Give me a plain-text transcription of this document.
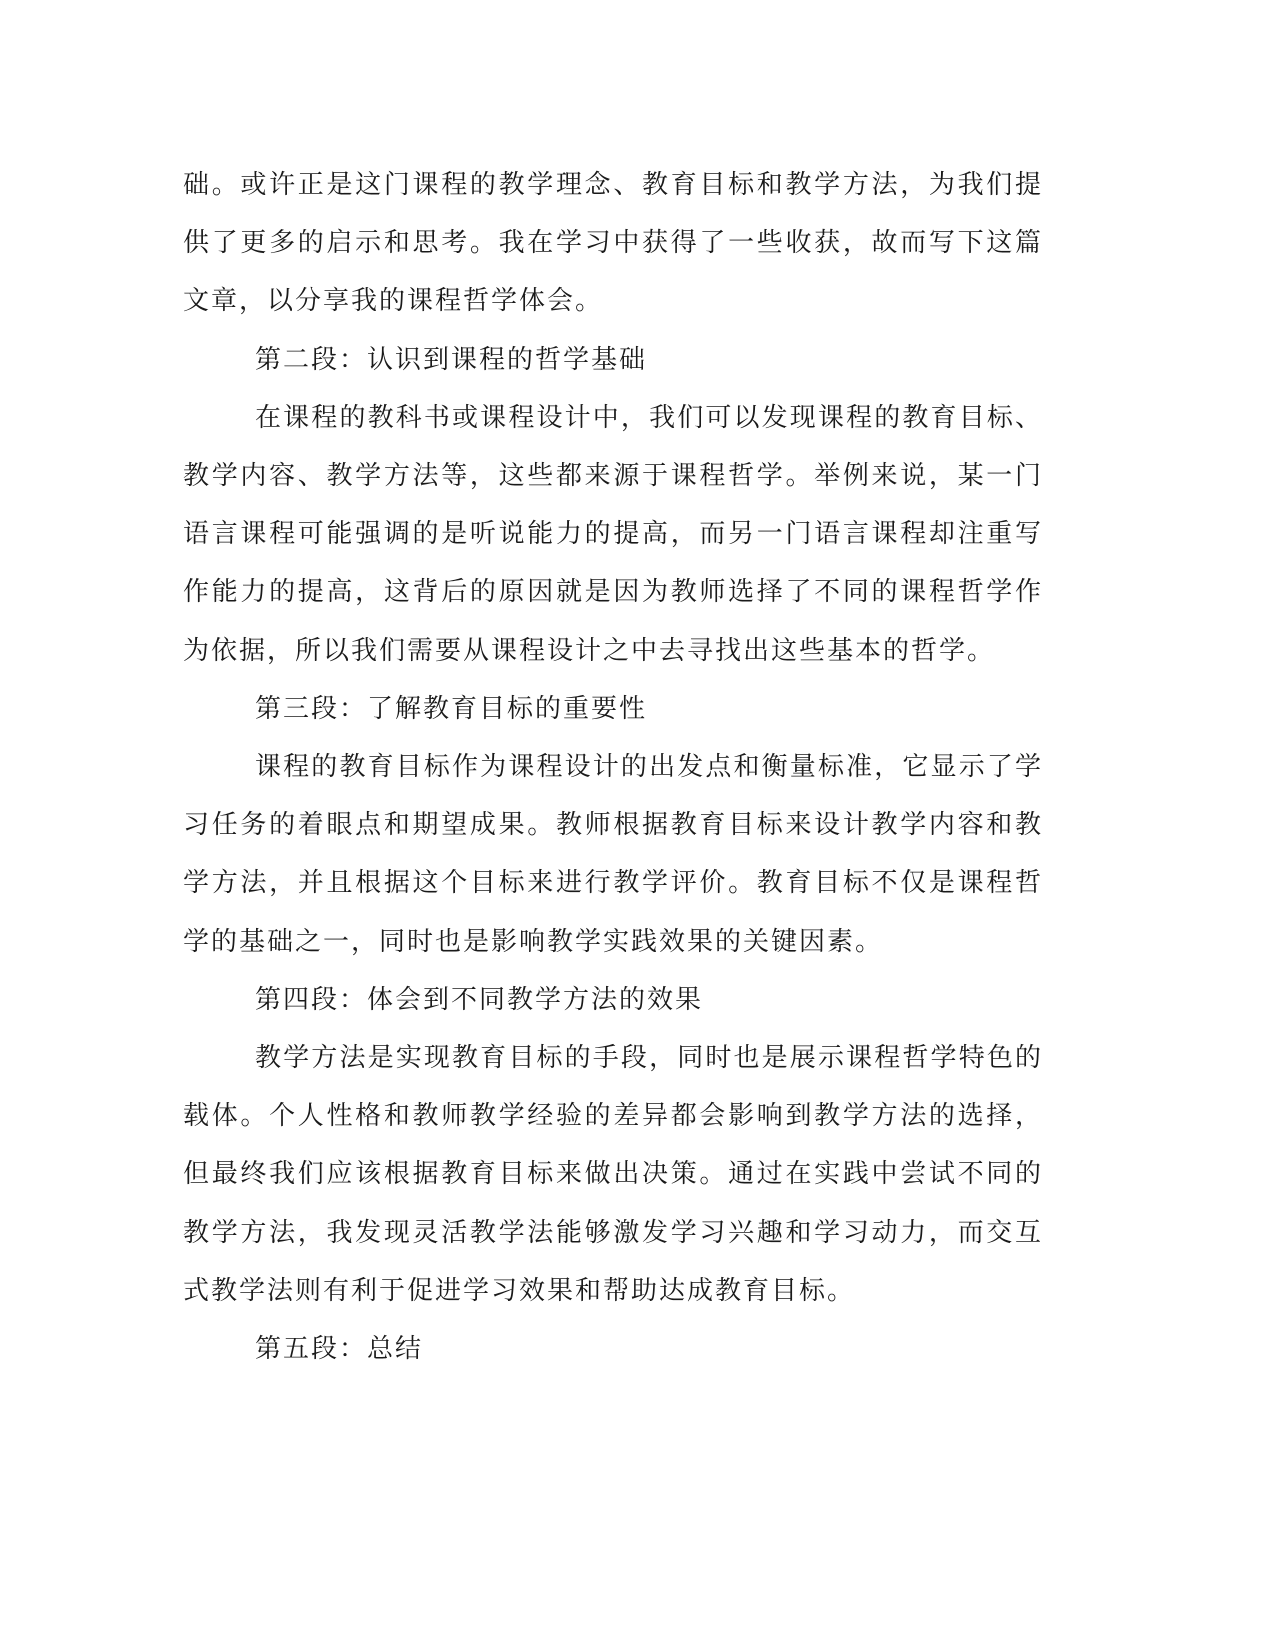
础。或许正是这门课程的教学理念、教育目标和教学方法，为我们提供了更多的启示和思考。我在学习中获得了一些收获，故而写下这篇文章，以分享我的课程哲学体会。

第二段：认识到课程的哲学基础

在课程的教科书或课程设计中，我们可以发现课程的教育目标、教学内容、教学方法等，这些都来源于课程哲学。举例来说，某一门语言课程可能强调的是听说能力的提高，而另一门语言课程却注重写作能力的提高，这背后的原因就是因为教师选择了不同的课程哲学作为依据，所以我们需要从课程设计之中去寻找出这些基本的哲学。

第三段：了解教育目标的重要性

课程的教育目标作为课程设计的出发点和衡量标准，它显示了学习任务的着眼点和期望成果。教师根据教育目标来设计教学内容和教学方法，并且根据这个目标来进行教学评价。教育目标不仅是课程哲学的基础之一，同时也是影响教学实践效果的关键因素。

第四段：体会到不同教学方法的效果

教学方法是实现教育目标的手段，同时也是展示课程哲学特色的载体。个人性格和教师教学经验的差异都会影响到教学方法的选择，但最终我们应该根据教育目标来做出决策。通过在实践中尝试不同的教学方法，我发现灵活教学法能够激发学习兴趣和学习动力，而交互式教学法则有利于促进学习效果和帮助达成教育目标。

第五段：总结
